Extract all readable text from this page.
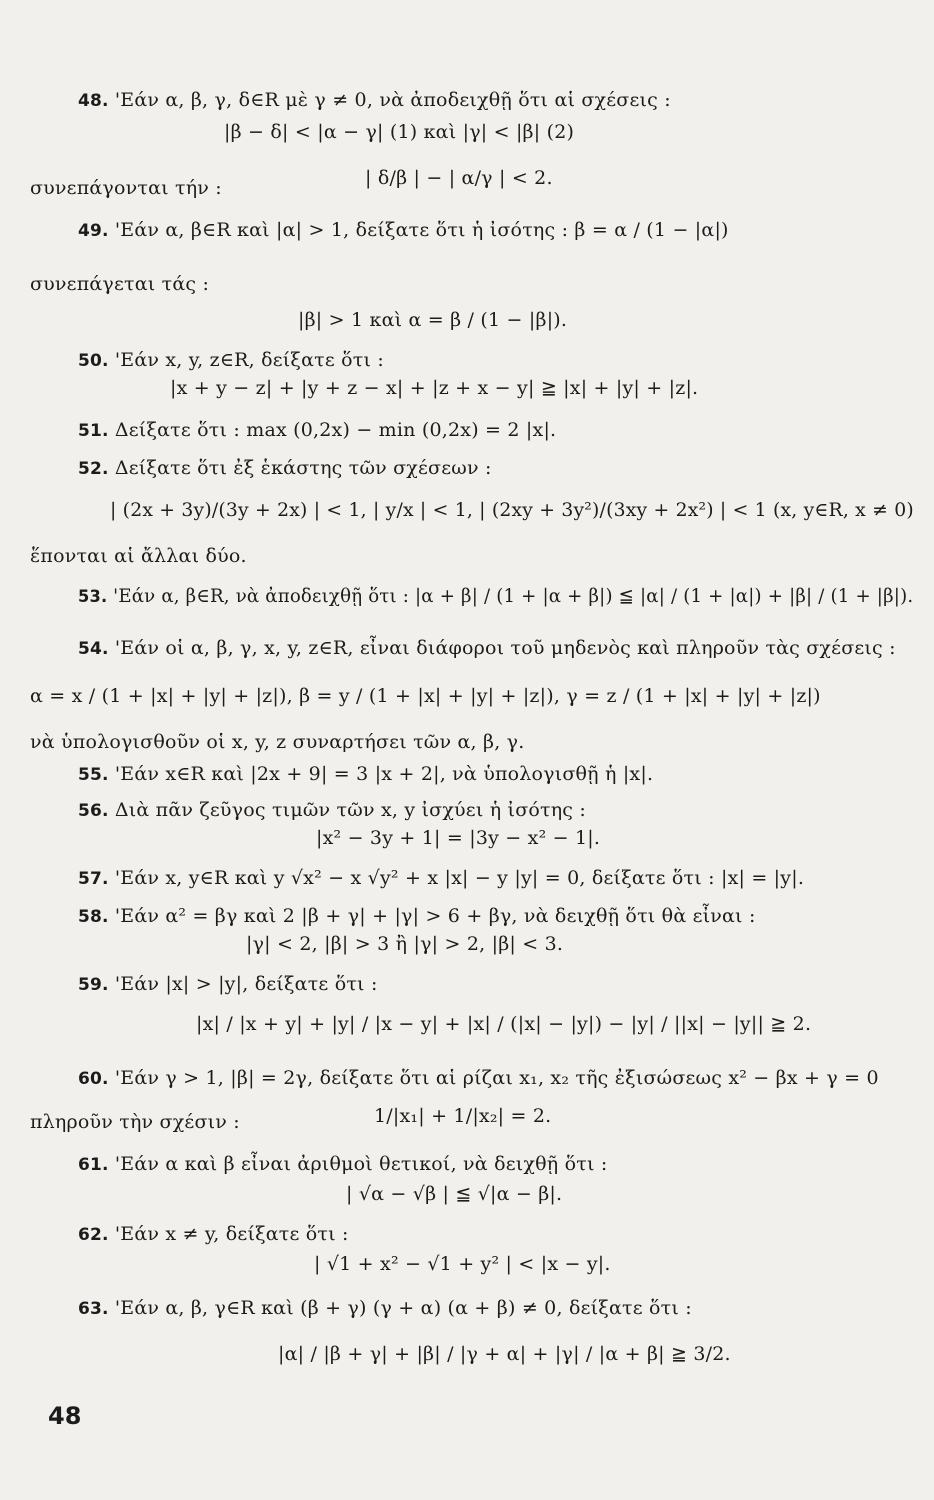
48. 'Εάν α, β, γ, δ∈R μὲ γ ≠ 0, νὰ ἀποδειχθῇ ὅτι αἱ σχέσεις :
|β − δ| < |α − γ| (1) καὶ |γ| < |β| (2)
συνεπάγονται τήν :	| δ/β | − | α/γ | < 2.
49. 'Εάν α, β∈R καὶ |α| > 1, δείξατε ὅτι ἡ ἰσότης : β = α / (1 − |α|)
συνεπάγεται τάς :
|β| > 1 καὶ α = β / (1 − |β|).
50. 'Εάν x, y, z∈R, δείξατε ὅτι :
|x + y − z| + |y + z − x| + |z + x − y| ≧ |x| + |y| + |z|.
51. Δείξατε ὅτι : max (0,2x) − min (0,2x) = 2 |x|.
52. Δείξατε ὅτι ἐξ ἑκάστης τῶν σχέσεων :
| (2x + 3y)/(3y + 2x) | < 1, | y/x | < 1, | (2xy + 3y²)/(3xy + 2x²) | < 1 (x, y∈R, x ≠ 0)
ἕπονται αἱ ἄλλαι δύο.
53. 'Εάν α, β∈R, νὰ ἀποδειχθῇ ὅτι : |α + β| / (1 + |α + β|) ≦ |α| / (1 + |α|) + |β| / (1 + |β|).
54. 'Εάν οἱ α, β, γ, x, y, z∈R, εἶναι διάφοροι τοῦ μηδενὸς καὶ πληροῦν τὰς σχέσεις :
α = x / (1 + |x| + |y| + |z|), β = y / (1 + |x| + |y| + |z|), γ = z / (1 + |x| + |y| + |z|)
νὰ ὑπολογισθοῦν οἱ x, y, z συναρτήσει τῶν α, β, γ.
55. 'Εάν x∈R καὶ |2x + 9| = 3 |x + 2|, νὰ ὑπολογισθῇ ἡ |x|.
56. Διὰ πᾶν ζεῦγος τιμῶν τῶν x, y ἰσχύει ἡ ἰσότης :
|x² − 3y + 1| = |3y − x² − 1|.
57. 'Εάν x, y∈R καὶ y √x² − x √y² + x |x| − y |y| = 0, δείξατε ὅτι : |x| = |y|.
58. 'Εάν α² = βγ καὶ 2 |β + γ| + |γ| > 6 + βγ, νὰ δειχθῇ ὅτι θὰ εἶναι :
|γ| < 2, |β| > 3 ἢ |γ| > 2, |β| < 3.
59. 'Εάν |x| > |y|, δείξατε ὅτι :
|x| / |x + y| + |y| / |x − y| + |x| / (|x| − |y|) − |y| / ||x| − |y|| ≧ 2.
60. 'Εάν γ > 1, |β| = 2γ, δείξατε ὅτι αἱ ρίζαι x₁, x₂ τῆς ἐξισώσεως x² − βx + γ = 0
πληροῦν τὴν σχέσιν :	1/|x₁| + 1/|x₂| = 2.
61. 'Εάν α καὶ β εἶναι ἀριθμοὶ θετικοί, νὰ δειχθῇ ὅτι :
| √α − √β | ≦ √|α − β|.
62. 'Εάν x ≠ y, δείξατε ὅτι :
| √1 + x² − √1 + y² | < |x − y|.
63. 'Εάν α, β, γ∈R καὶ (β + γ) (γ + α) (α + β) ≠ 0, δείξατε ὅτι :
|α| / |β + γ| + |β| / |γ + α| + |γ| / |α + β| ≧ 3/2.
48
